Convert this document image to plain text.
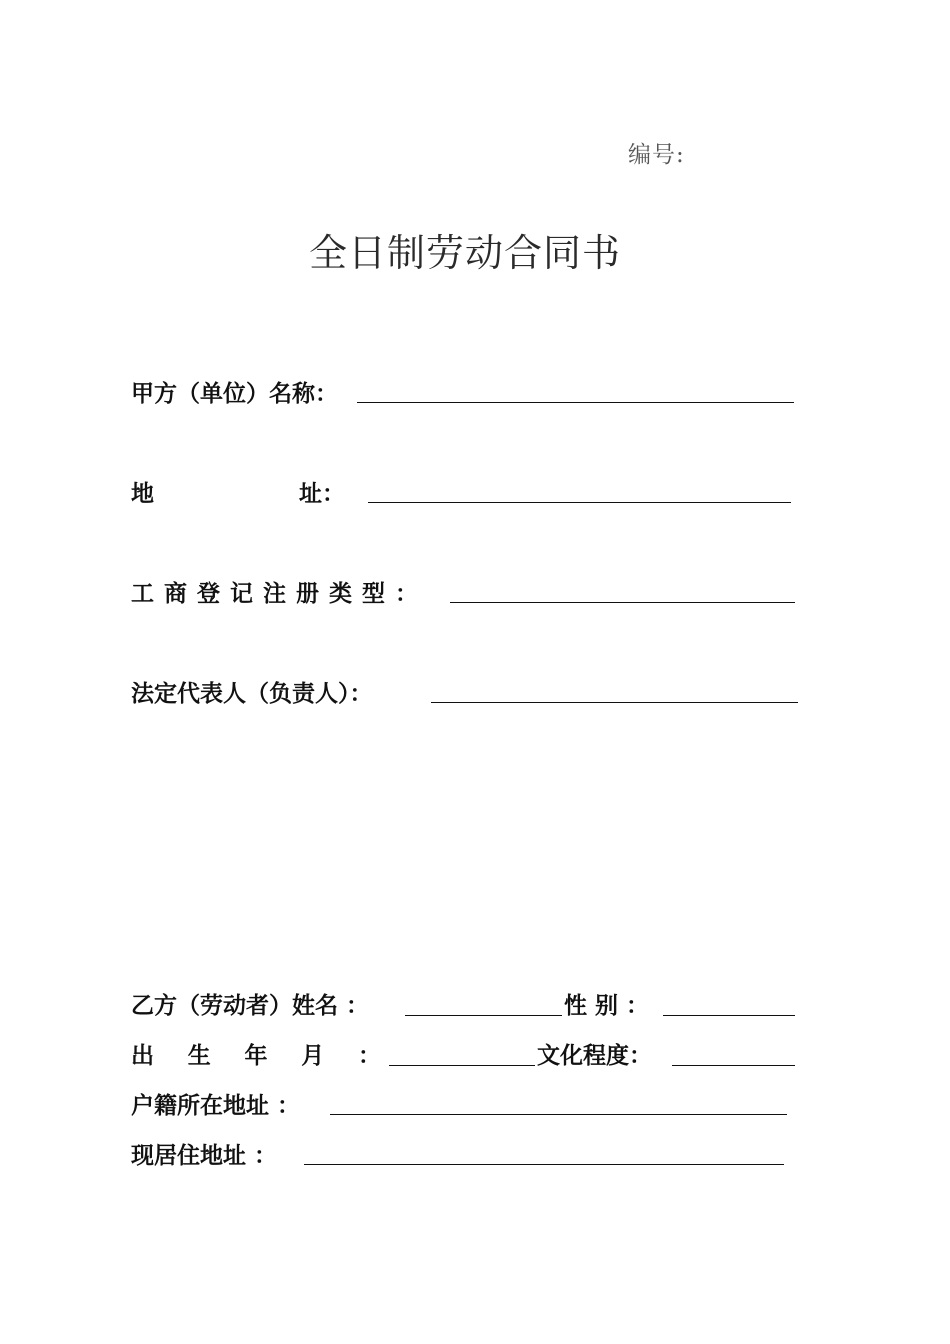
编号:
全日制劳动合同书
甲方（单位）名称：
地	址：
工商登记注册类型：
法定代表人（负责人）：
乙方（劳动者）姓名 ：	性 别 ：
出 生 年 月 ：	文化程度：
户籍所在地址 ：
现居住地址 ：
